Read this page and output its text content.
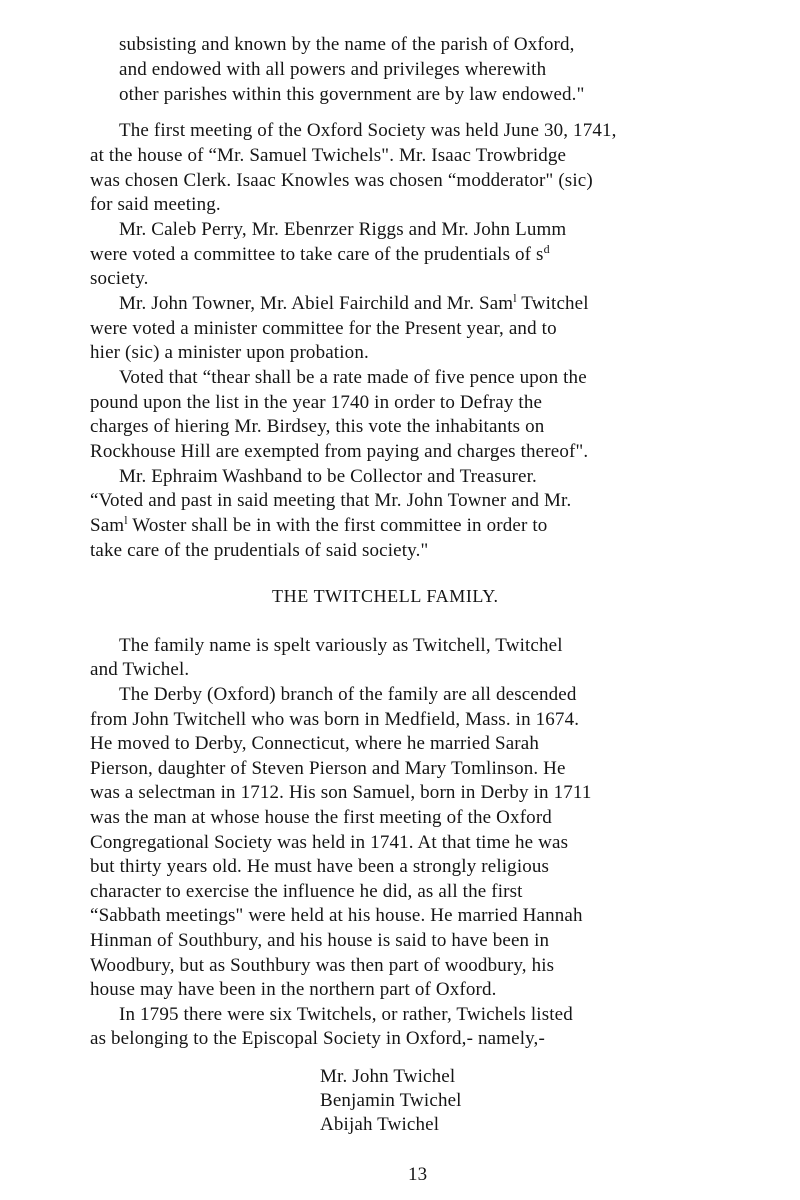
subsisting and known by the name of the parish of Oxford,
and endowed with all powers and privileges wherewith
other parishes within this government are by law endowed."
The first meeting of the Oxford Society was held June 30, 1741,
at the house of “Mr. Samuel Twichels". Mr. Isaac Trowbridge
was chosen Clerk. Isaac Knowles was chosen “modderator" (sic)
for said meeting.
Mr. Caleb Perry, Mr. Ebenrzer Riggs and Mr. John Lumm
were voted a committee to take care of the prudentials of $s^d$
society.
Mr. John Towner, Mr. Abiel Fairchild and Mr. Sam$^l$ Twitchel
were voted a minister committee for the Present year, and to
hier (sic) a minister upon probation.
Voted that “thear shall be a rate made of five pence upon the
pound upon the list in the year 1740 in order to Defray the
charges of hiering Mr. Birdsey, this vote the inhabitants on
Rockhouse Hill are exempted from paying and charges thereof".
Mr. Ephraim Washband to be Collector and Treasurer.
“Voted and past in said meeting that Mr. John Towner and Mr.
Sam$^l$ Woster shall be in with the first committee in order to
take care of the prudentials of said society."
THE TWITCHELL FAMILY.
The family name is spelt variously as Twitchell, Twitchel
and Twichel.
The Derby (Oxford) branch of the family are all descended
from John Twitchell who was born in Medfield, Mass. in 1674.
He moved to Derby, Connecticut, where he married Sarah
Pierson, daughter of Steven Pierson and Mary Tomlinson. He
was a selectman in 1712. His son Samuel, born in Derby in 1711
was the man at whose house the first meeting of the Oxford
Congregational Society was held in 1741. At that time he was
but thirty years old. He must have been a strongly religious
character to exercise the influence he did, as all the first
“Sabbath meetings" were held at his house. He married Hannah
Hinman of Southbury, and his house is said to have been in
Woodbury, but as Southbury was then part of woodbury, his
house may have been in the northern part of Oxford.
In 1795 there were six Twitchels, or rather, Twichels listed
as belonging to the Episcopal Society in Oxford,- namely,-
Mr. John Twichel
Benjamin Twichel
Abijah Twichel
13
